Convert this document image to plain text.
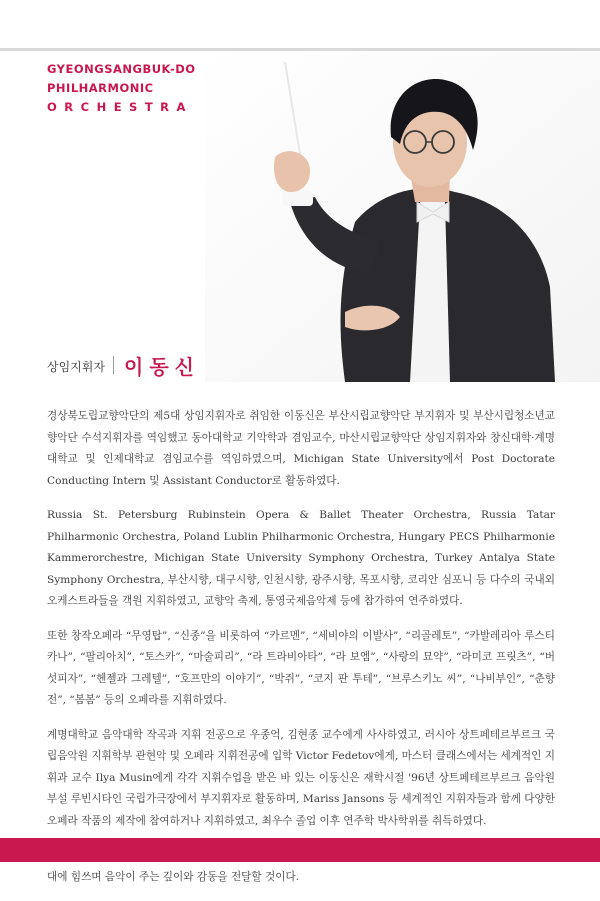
GYEONGSANGBUK-DO
PHILHARMONIC
ORCHESTRA
상임지휘자 이동신

경상북도립교향악단의 제5대 상임지휘자로 취임한 이동신은 부산시립교향악단 부지휘자 및 부산시립청소년교향악단 수석지휘자를 역임했고 동아대학교 기악학과 겸임교수, 마산시립교향악단 상임지휘자와 창신대학·계명대학교 및 인제대학교 겸임교수를 역임하였으며, Michigan State University에서 Post Doctorate Conducting Intern 및 Assistant Conductor로 활동하였다.

Russia St. Petersburg Rubinstein Opera & Ballet Theater Orchestra, Russia Tatar Philharmonic Orchestra, Poland Lublin Philharmonic Orchestra, Hungary PECS Philharmonie Kammerorchestre, Michigan State University Symphony Orchestra, Turkey Antalya State Symphony Orchestra, 부산시향, 대구시향, 인천시향, 광주시향, 목포시향, 코리안 심포니 등 다수의 국내외 오케스트라들을 객원 지휘하였고, 교향악 축제, 통영국제음악제 등에 참가하여 연주하였다.

또한 창작오페라 “무영탑”, “신종”을 비롯하여 “카르멘”, “세비야의 이발사”, “리골레토”, “카발레리아 루스티카나”, “팔리아치”, “토스카”, “마술피리”, “라 트라비아타”, “라 보엠”, “사랑의 묘약”, “라미코 프릿츠”, “버섯피자”, “헨젤과 그레텔”, “호프만의 이야기”, “박쥐”, “코지 판 투테”, “브루스키노 씨”, “나비부인”, “춘향전”, “봄봄” 등의 오페라를 지휘하였다.

계명대학교 음악대학 작곡과 지휘 전공으로 우종억, 김현종 교수에게 사사하였고, 러시아 상트페테르부르크 국립음악원 지휘학부 관현악 및 오페라 지휘전공에 입학 Victor Fedetov에게, 마스터 클래스에서는 세계적인 지휘과 교수 Ilya Musin에게 각각 지휘수업을 받은 바 있는 이동신은 재학시절 '96년 상트페테르부르크 음악원 부설 루빈시타인 국립가극장에서 부지휘자로 활동하며, Mariss Jansons 등 세계적인 지휘자들과 함께 다양한 오페라 작품의 제작에 참여하거나 지휘하였고, 최우수 졸업 이후 연주학 박사학위를 취득하였다.

대에 힘쓰며 음악이 주는 깊이와 감동을 전달할 것이다.
